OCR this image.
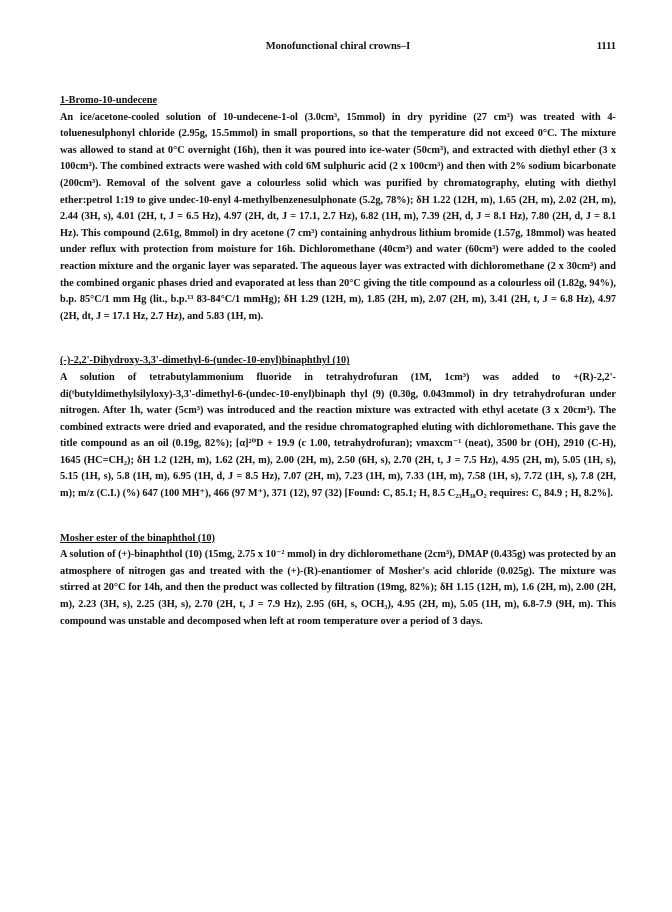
Monofunctional chiral crowns–I	1111
1-Bromo-10-undecene

An ice/acetone-cooled solution of 10-undecene-1-ol (3.0cm³, 15mmol) in dry pyridine (27 cm³) was treated with 4-toluenesulphonyl chloride (2.95g, 15.5mmol) in small proportions, so that the temperature did not exceed 0°C. The mixture was allowed to stand at 0°C overnight (16h), then it was poured into ice-water (50cm³), and extracted with diethyl ether (3 x 100cm³). The combined extracts were washed with cold 6M sulphuric acid (2 x 100cm³) and then with 2% sodium bicarbonate (200cm³). Removal of the solvent gave a colourless solid which was purified by chromatography, eluting with diethyl ether:petrol 1:19 to give undec-10-enyl 4-methylbenzenesulphonate (5.2g, 78%); δH 1.22 (12H, m), 1.65 (2H, m), 2.02 (2H, m), 2.44 (3H, s), 4.01 (2H, t, J = 6.5 Hz), 4.97 (2H, dt, J = 17.1, 2.7 Hz), 6.82 (1H, m), 7.39 (2H, d, J = 8.1 Hz), 7.80 (2H, d, J = 8.1 Hz). This compound (2.61g, 8mmol) in dry acetone (7 cm³) containing anhydrous lithium bromide (1.57g, 18mmol) was heated under reflux with protection from moisture for 16h. Dichloromethane (40cm³) and water (60cm³) were added to the cooled reaction mixture and the organic layer was separated. The aqueous layer was extracted with dichloromethane (2 x 30cm³) and the combined organic phases dried and evaporated at less than 20°C giving the title compound as a colourless oil (1.82g, 94%), b.p. 85°C/1 mm Hg (lit., b.p.¹³ 83-84°C/1 mmHg); δH 1.29 (12H, m), 1.85 (2H, m), 2.07 (2H, m), 3.41 (2H, t, J = 6.8 Hz), 4.97 (2H, dt, J = 17.1 Hz, 2.7 Hz), and 5.83 (1H, m).

(-)-2,2'-Dihydroxy-3,3'-dimethyl-6-(undec-10-enyl)binaphthyl (10)

A solution of tetrabutylammonium fluoride in tetrahydrofuran (1M, 1cm³) was added to +(R)-2,2'-di(ᵗbutyldimethylsilyloxy)-3,3'-dimethyl-6-(undec-10-enyl)binaph thyl (9) (0.30g, 0.043mmol) in dry tetrahydrofuran under nitrogen. After 1h, water (5cm³) was introduced and the reaction mixture was extracted with ethyl acetate (3 x 20cm³). The combined extracts were dried and evaporated, and the residue chromatographed eluting with dichloromethane. This gave the title compound as an oil (0.19g, 82%); [α]²⁰D + 19.9 (c 1.00, tetrahydrofuran); νmaxcm⁻¹ (neat), 3500 br (OH), 2910 (C-H), 1645 (HC=CH₂); δH 1.2 (12H, m), 1.62 (2H, m), 2.00 (2H, m), 2.50 (6H, s), 2.70 (2H, t, J = 7.5 Hz), 4.95 (2H, m), 5.05 (1H, s), 5.15 (1H, s), 5.8 (1H, m), 6.95 (1H, d, J = 8.5 Hz), 7.07 (2H, m), 7.23 (1H, m), 7.33 (1H, m), 7.58 (1H, s), 7.72 (1H, s), 7.8 (2H, m); m/z (C.I.) (%) 647 (100 MH⁺), 466 (97 M⁺), 371 (12), 97 (32) [Found: C, 85.1; H, 8.5 C₂₃H₃₈O₂ requires: C, 84.9 ; H, 8.2%].

Mosher ester of the binaphthol (10)

A solution of (+)-binaphthol (10) (15mg, 2.75 x 10⁻² mmol) in dry dichloromethane (2cm³), DMAP (0.435g) was protected by an atmosphere of nitrogen gas and treated with the (+)-(R)-enantiomer of Mosher's acid chloride (0.025g). The mixture was stirred at 20°C for 14h, and then the product was collected by filtration (19mg, 82%); δH 1.15 (12H, m), 1.6 (2H, m), 2.00 (2H, m), 2.23 (3H, s), 2.25 (3H, s), 2.70 (2H, t, J = 7.9 Hz), 2.95 (6H, s, OCH₃), 4.95 (2H, m), 5.05 (1H, m), 6.8-7.9 (9H, m). This compound was unstable and decomposed when left at room temperature over a period of 3 days.
